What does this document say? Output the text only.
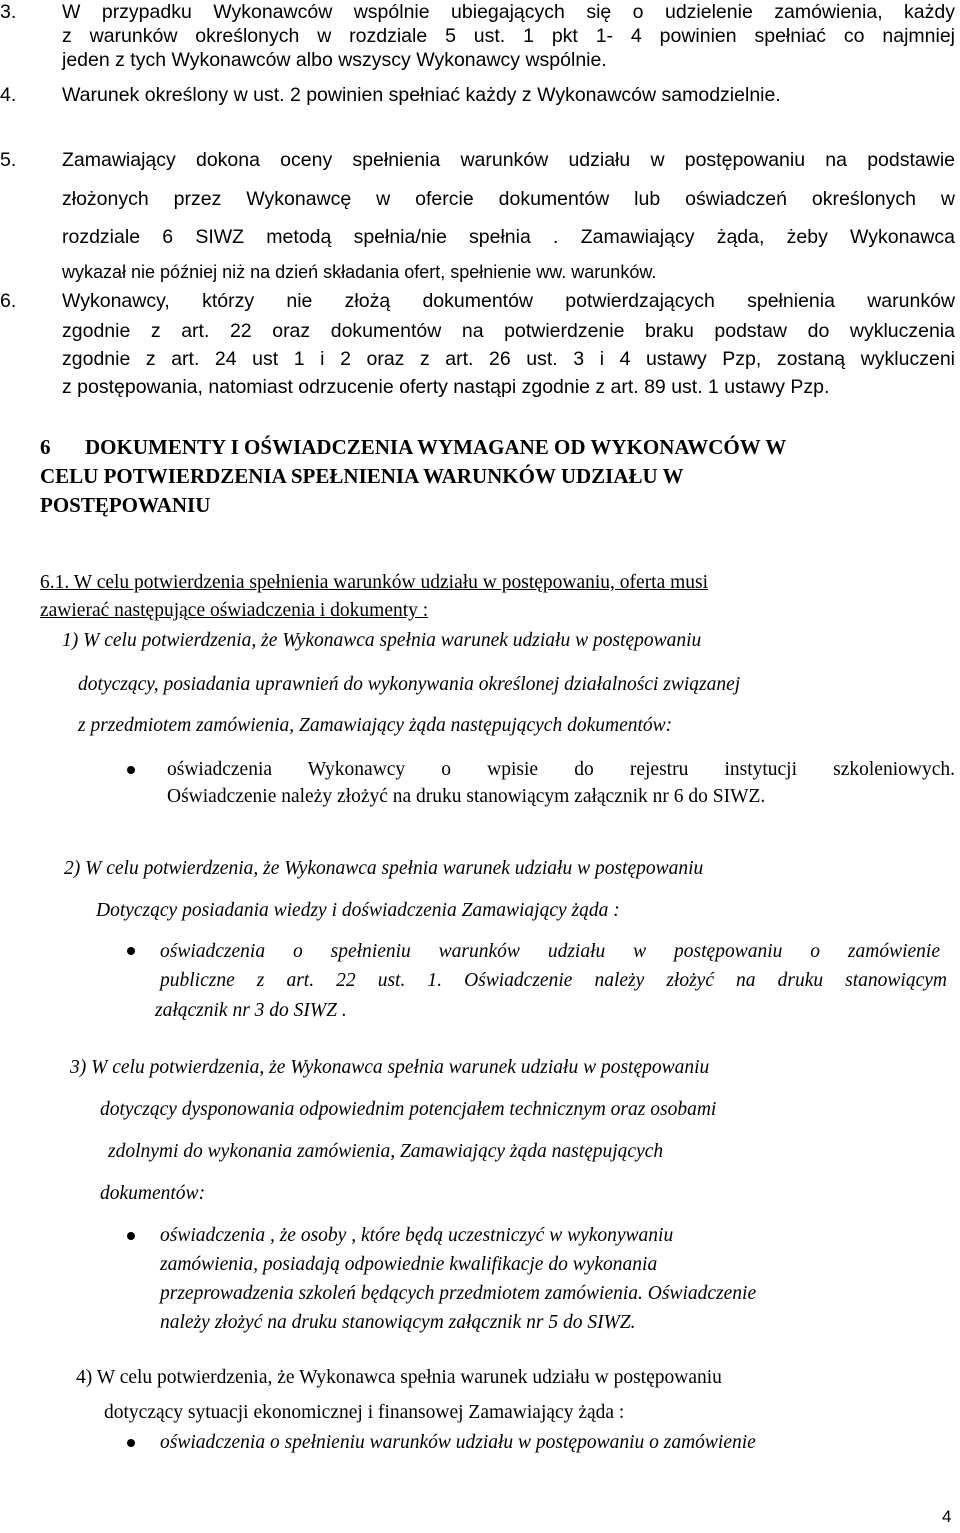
3. W przypadku Wykonawców wspólnie ubiegających się o udzielenie zamówienia, każdy
z warunków określonych w rozdziale 5 ust. 1 pkt 1- 4 powinien spełniać co najmniej
jeden z tych Wykonawców albo wszyscy Wykonawcy wspólnie.
4. Warunek określony w ust. 2 powinien spełniać każdy z Wykonawców samodzielnie.
5. Zamawiający dokona oceny spełnienia warunków udziału w postępowaniu na podstawie
złożonych przez Wykonawcę w ofercie dokumentów lub oświadczeń określonych w
rozdziale 6 SIWZ metodą spełnia/nie spełnia . Zamawiający żąda, żeby Wykonawca
wykazał nie później niż na dzień składania ofert, spełnienie ww. warunków.
6. Wykonawcy, którzy nie złożą dokumentów potwierdzających spełnienia warunków
zgodnie z art. 22 oraz dokumentów na potwierdzenie braku podstaw do wykluczenia
zgodnie z art. 24 ust 1 i 2 oraz z art. 26 ust. 3 i 4 ustawy Pzp, zostaną wykluczeni
z postępowania, natomiast odrzucenie oferty nastąpi zgodnie z art. 89 ust. 1 ustawy Pzp.
6 DOKUMENTY I OŚWIADCZENIA WYMAGANE OD WYKONAWCÓW W
CELU POTWIERDZENIA SPEŁNIENIA WARUNKÓW UDZIAŁU W
POSTĘPOWANIU
6.1. W celu potwierdzenia spełnienia warunków udziału w postępowaniu, oferta musi
zawierać następujące oświadczenia i dokumenty :
1) W celu potwierdzenia, że Wykonawca spełnia warunek udziału w postępowaniu
dotyczący, posiadania uprawnień do wykonywania określonej działalności związanej
z przedmiotem zamówienia, Zamawiający żąda następujących dokumentów:
oświadczenia Wykonawcy o wpisie do rejestru instytucji szkoleniowych.
Oświadczenie należy złożyć na druku stanowiącym załącznik nr 6 do SIWZ.
2) W celu potwierdzenia, że Wykonawca spełnia warunek udziału w postępowaniu
Dotyczący posiadania wiedzy i doświadczenia Zamawiający żąda :
oświadczenia o spełnieniu warunków udziału w postępowaniu o zamówienie
publiczne z art. 22 ust. 1. Oświadczenie należy złożyć na druku stanowiącym
załącznik nr 3 do SIWZ .
3) W celu potwierdzenia, że Wykonawca spełnia warunek udziału w postępowaniu
dotyczący dysponowania odpowiednim potencjałem technicznym oraz osobami
zdolnymi do wykonania zamówienia, Zamawiający żąda następujących
dokumentów:
oświadczenia , że osoby , które będą uczestniczyć w wykonywaniu
zamówienia, posiadają odpowiednie kwalifikacje do wykonania
przeprowadzenia szkoleń będących przedmiotem zamówienia. Oświadczenie
należy złożyć na druku stanowiącym załącznik nr 5 do SIWZ.
4) W celu potwierdzenia, że Wykonawca spełnia warunek udziału w postępowaniu
dotyczący sytuacji ekonomicznej i finansowej Zamawiający żąda :
oświadczenia o spełnieniu warunków udziału w postępowaniu o zamówienie
4
